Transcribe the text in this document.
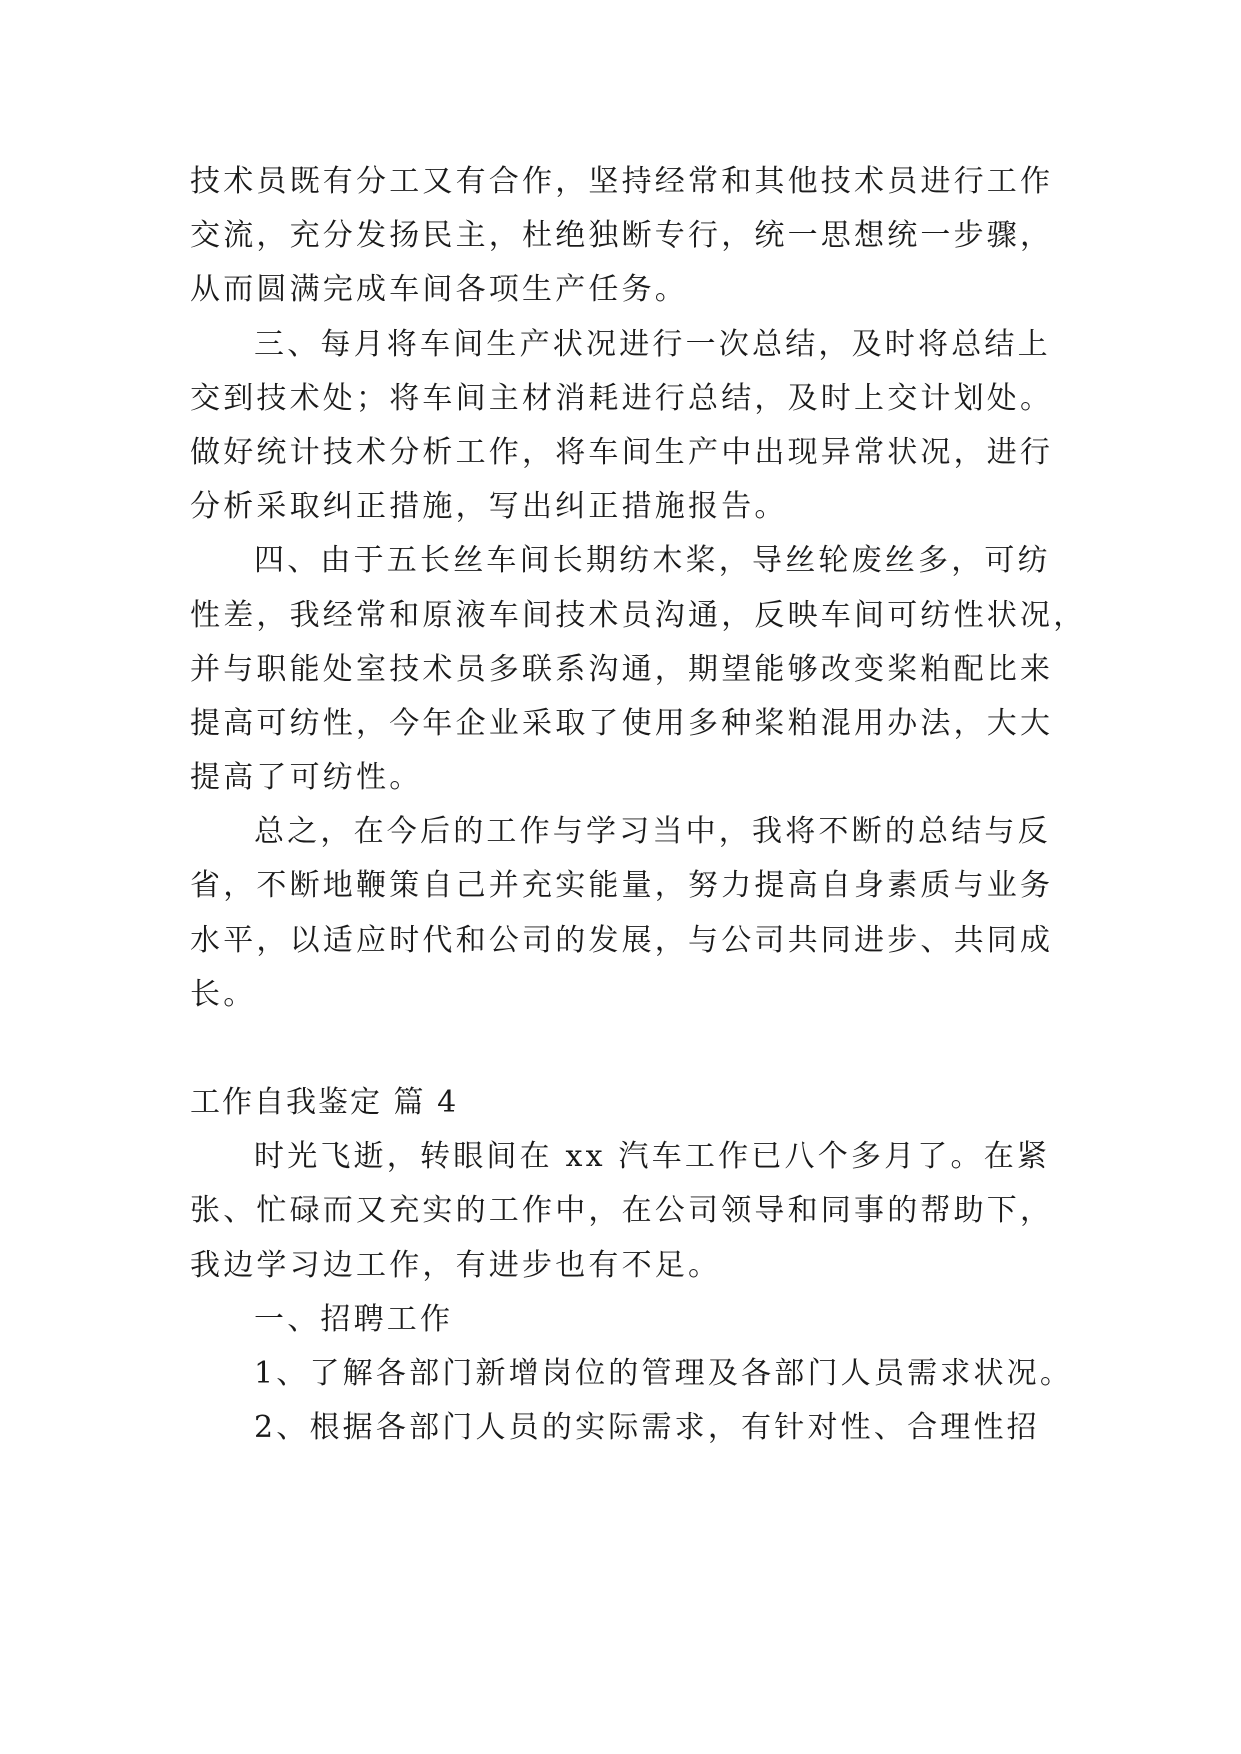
技术员既有分工又有合作，坚持经常和其他技术员进行工作
交流，充分发扬民主，杜绝独断专行，统一思想统一步骤，
从而圆满完成车间各项生产任务。
三、每月将车间生产状况进行一次总结，及时将总结上
交到技术处；将车间主材消耗进行总结，及时上交计划处。
做好统计技术分析工作，将车间生产中出现异常状况，进行
分析采取纠正措施，写出纠正措施报告。
四、由于五长丝车间长期纺木桨，导丝轮废丝多，可纺
性差，我经常和原液车间技术员沟通，反映车间可纺性状况，
并与职能处室技术员多联系沟通，期望能够改变桨粕配比来
提高可纺性，今年企业采取了使用多种桨粕混用办法，大大
提高了可纺性。
总之，在今后的工作与学习当中，我将不断的总结与反
省，不断地鞭策自己并充实能量，努力提高自身素质与业务
水平，以适应时代和公司的发展，与公司共同进步、共同成
长。
工作自我鉴定 篇 4
时光飞逝，转眼间在 xx 汽车工作已八个多月了。在紧
张、忙碌而又充实的工作中，在公司领导和同事的帮助下，
我边学习边工作，有进步也有不足。
一、招聘工作
1、了解各部门新增岗位的管理及各部门人员需求状况。
2、根据各部门人员的实际需求，有针对性、合理性招
